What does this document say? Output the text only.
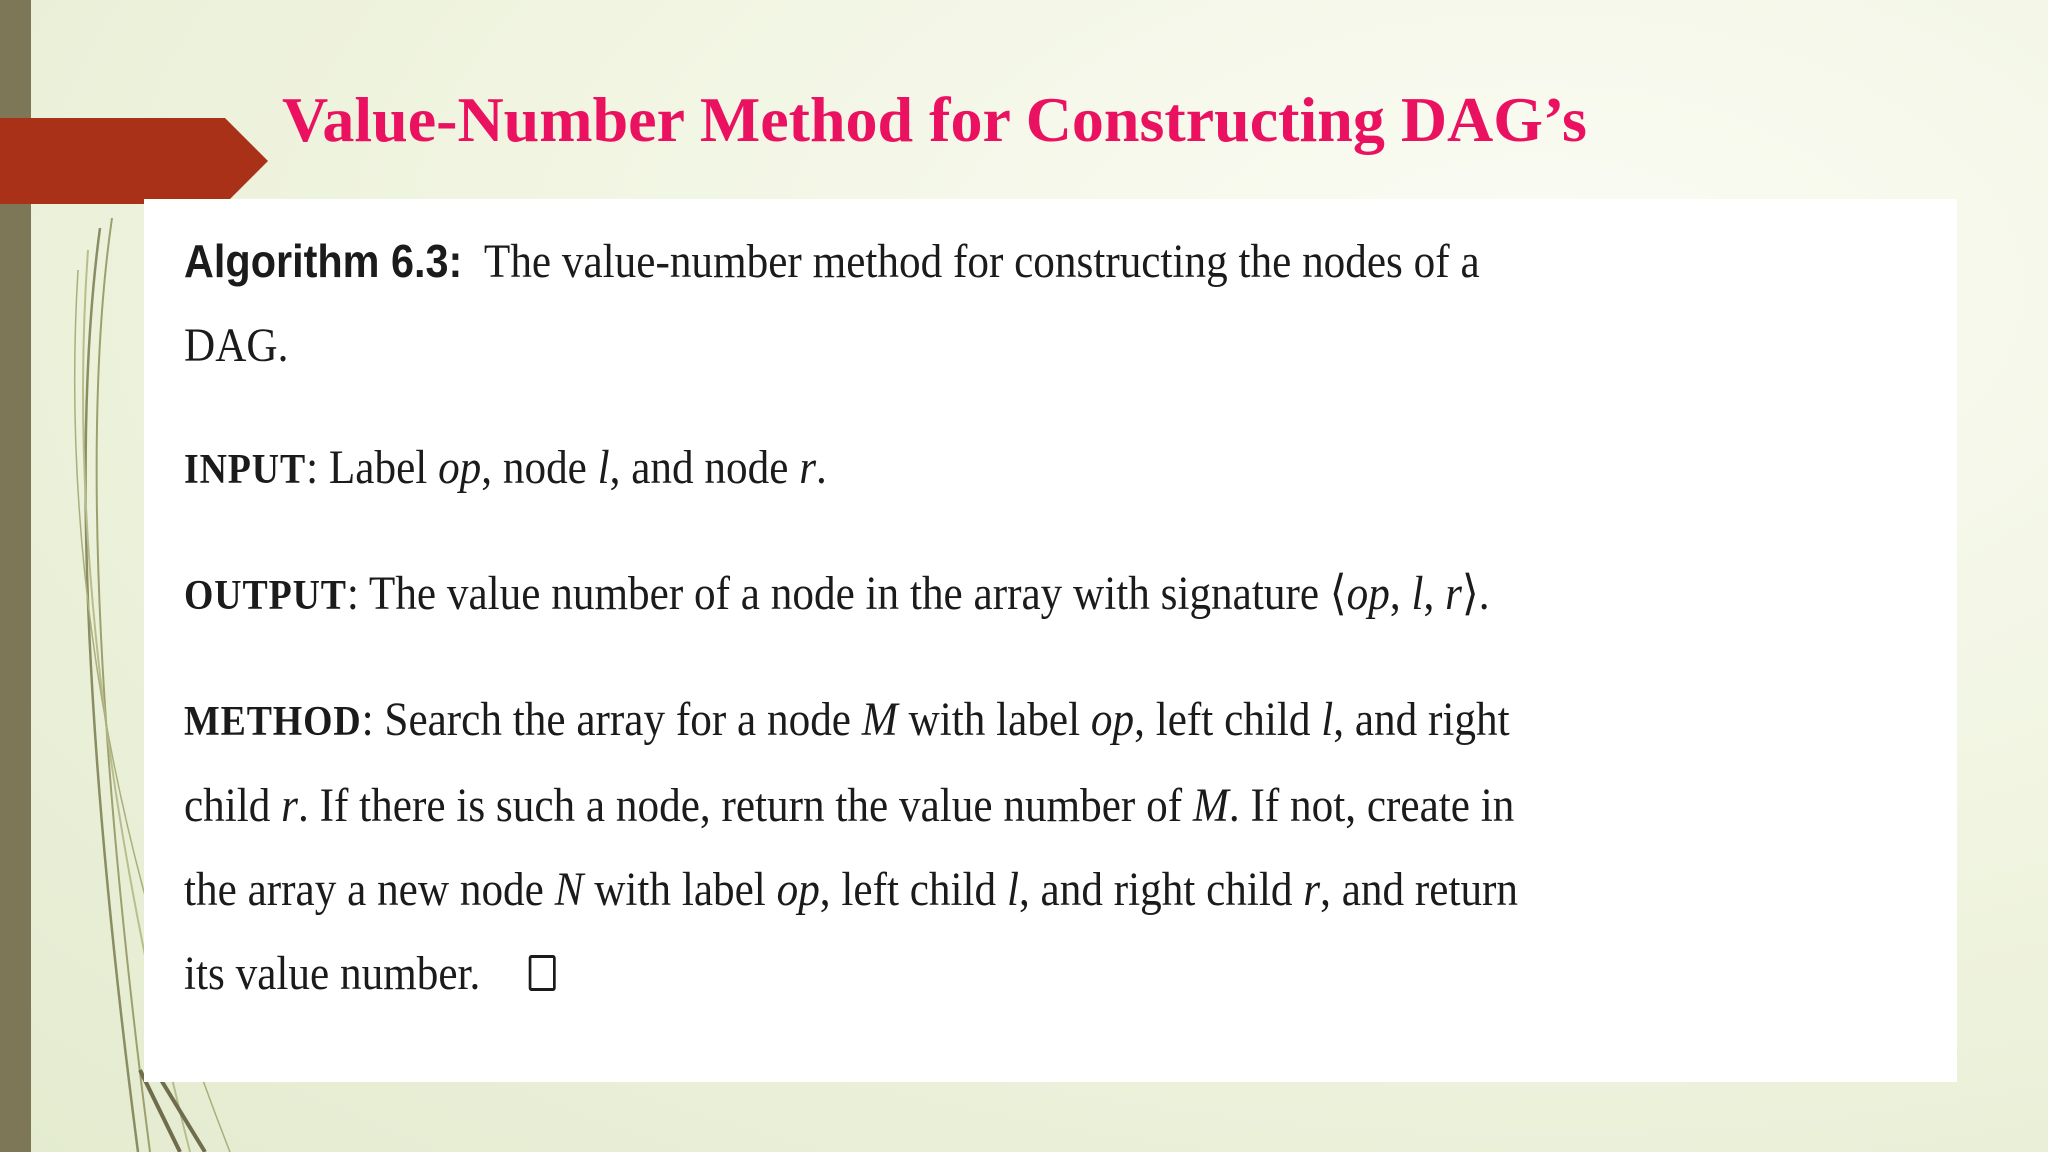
Value-Number Method for Constructing DAG’s

Algorithm 6.3: The value-number method for constructing the nodes of a
DAG.

INPUT: Label op, node l, and node r.

OUTPUT: The value number of a node in the array with signature ⟨op, l, r⟩.

METHOD: Search the array for a node M with label op, left child l, and right
child r. If there is such a node, return the value number of M. If not, create in
the array a new node N with label op, left child l, and right child r, and return
its value number.
